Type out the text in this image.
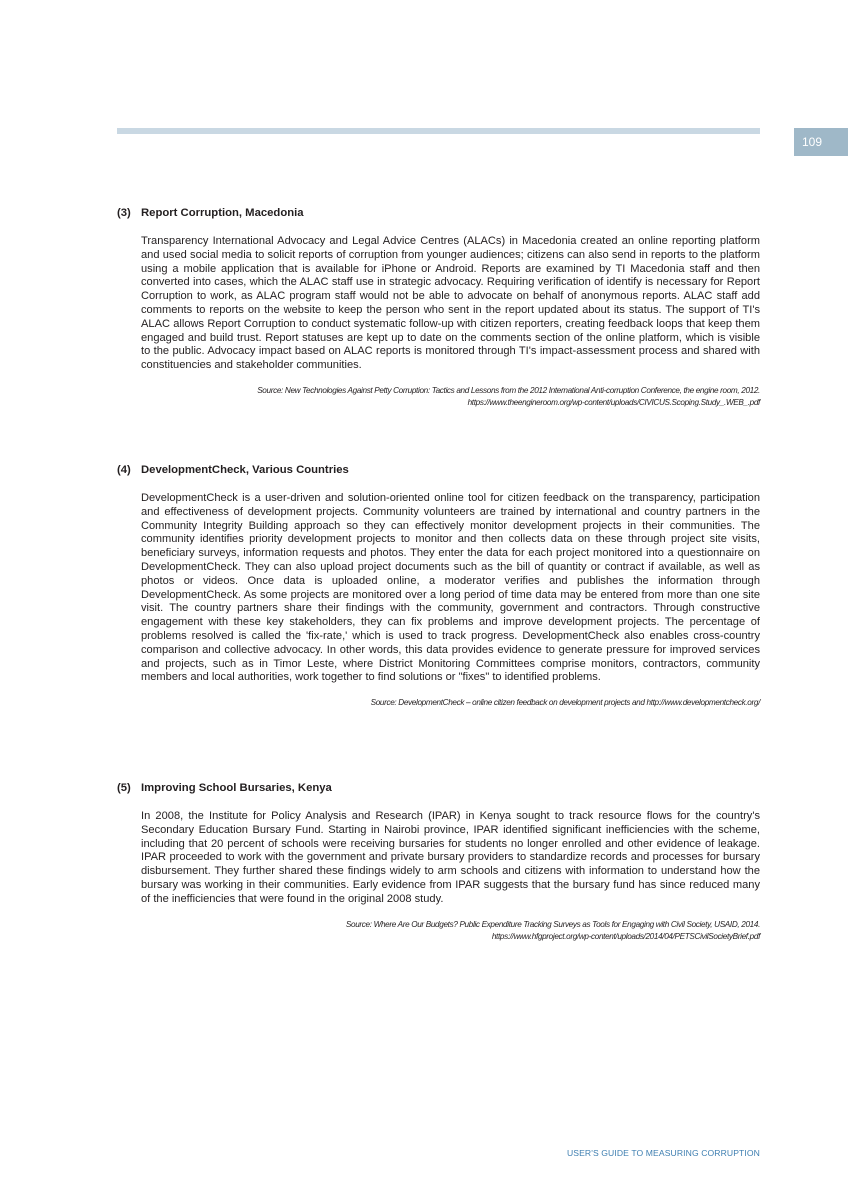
109
(3) Report Corruption, Macedonia

Transparency International Advocacy and Legal Advice Centres (ALACs) in Macedonia created an online reporting platform and used social media to solicit reports of corruption from younger audiences; citizens can also send in reports to the platform using a mobile application that is available for iPhone or Android. Reports are examined by TI Macedonia staff and then converted into cases, which the ALAC staff use in strategic advocacy. Requiring verification of identify is necessary for Report Corruption to work, as ALAC program staff would not be able to advocate on behalf of anonymous reports. ALAC staff add comments to reports on the website to keep the person who sent in the report updated about its status. The support of TI's ALAC allows Report Corruption to conduct systematic follow-up with citizen reporters, creating feedback loops that keep them engaged and build trust. Report statuses are kept up to date on the comments section of the online platform, which is visible to the public. Advocacy impact based on ALAC reports is monitored through TI's impact-assessment process and shared with constituencies and stakeholder communities.

Source: New Technologies Against Petty Corruption: Tactics and Lessons from the 2012 International Anti-corruption Conference, the engine room, 2012.
https://www.theengineroom.org/wp-content/uploads/CIVICUS.Scoping.Study_.WEB_.pdf
(4) DevelopmentCheck, Various Countries

DevelopmentCheck is a user-driven and solution-oriented online tool for citizen feedback on the transparency, participation and effectiveness of development projects. Community volunteers are trained by international and country partners in the Community Integrity Building approach so they can effectively monitor development projects in their communities. The community identifies priority development projects to monitor and then collects data on these through project site visits, beneficiary surveys, information requests and photos. They enter the data for each project monitored into a questionnaire on DevelopmentCheck. They can also upload project documents such as the bill of quantity or contract if available, as well as photos or videos. Once data is uploaded online, a moderator verifies and publishes the information through DevelopmentCheck. As some projects are monitored over a long period of time data may be entered from more than one site visit. The country partners share their findings with the community, government and contractors. Through constructive engagement with these key stakeholders, they can fix problems and improve development projects. The percentage of problems resolved is called the 'fix-rate,' which is used to track progress. DevelopmentCheck also enables cross-country comparison and collective advocacy. In other words, this data provides evidence to generate pressure for improved services and projects, such as in Timor Leste, where District Monitoring Committees comprise monitors, contractors, community members and local authorities, work together to find solutions or "fixes" to identified problems.

Source: DevelopmentCheck – online citizen feedback on development projects and http://www.developmentcheck.org/
(5) Improving School Bursaries, Kenya

In 2008, the Institute for Policy Analysis and Research (IPAR) in Kenya sought to track resource flows for the country's Secondary Education Bursary Fund. Starting in Nairobi province, IPAR identified significant inefficiencies with the scheme, including that 20 percent of schools were receiving bursaries for students no longer enrolled and other evidence of leakage. IPAR proceeded to work with the government and private bursary providers to standardize records and processes for bursary disbursement. They further shared these findings widely to arm schools and citizens with information to understand how the bursary was working in their communities. Early evidence from IPAR suggests that the bursary fund has since reduced many of the inefficiencies that were found in the original 2008 study.

Source: Where Are Our Budgets? Public Expenditure Tracking Surveys as Tools for Engaging with Civil Society, USAID, 2014.
https://www.hfgproject.org/wp-content/uploads/2014/04/PETSCivilSocietyBrief.pdf
USER'S GUIDE TO MEASURING CORRUPTION
